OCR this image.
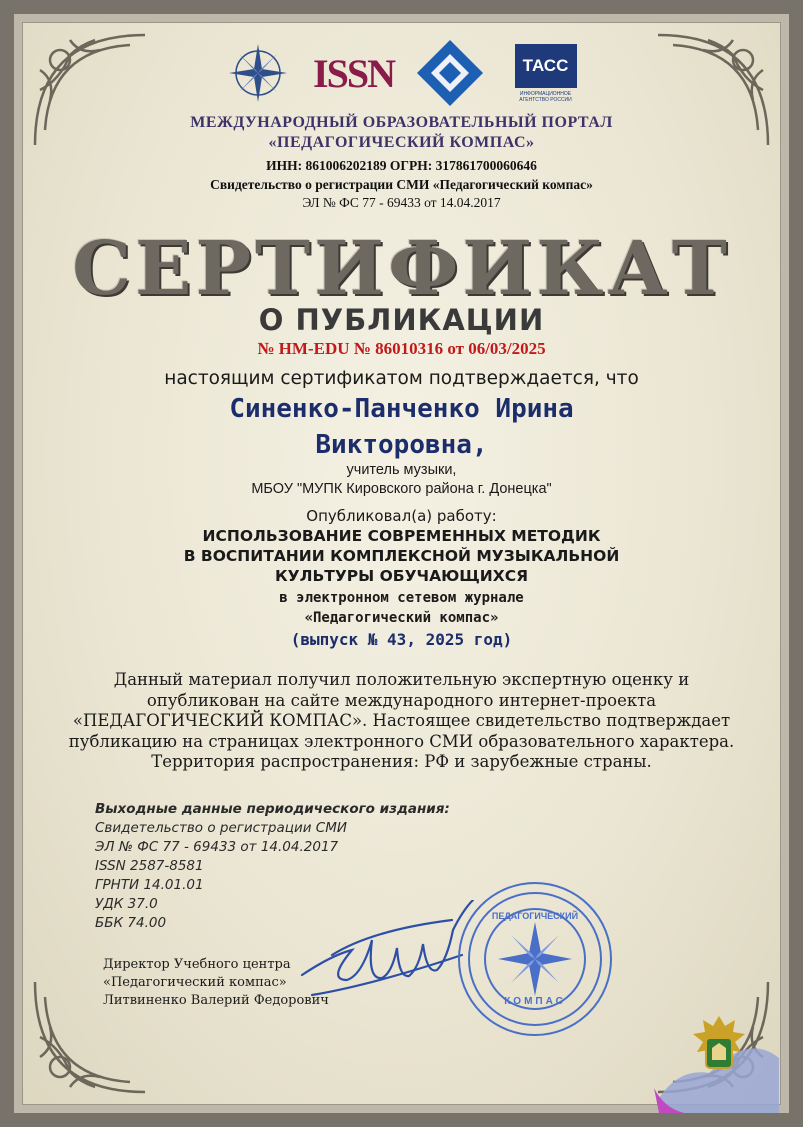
ISSN	ТАСС
ИНФОРМАЦИОННОЕ АГЕНТСТВО РОССИИ
МЕЖДУНАРОДНЫЙ ОБРАЗОВАТЕЛЬНЫЙ ПОРТАЛ
«ПЕДАГОГИЧЕСКИЙ КОМПАС»
ИНН: 861006202189 ОГРН: 317861700060646
Свидетельство о регистрации СМИ «Педагогический компас»
ЭЛ № ФС 77 - 69433 от 14.04.2017
СЕРТИФИКАТ
О ПУБЛИКАЦИИ
№ НМ-EDU № 86010316 от 06/03/2025
настоящим сертификатом подтверждается, что
Синенко-Панченко Ирина
Викторовна,
учитель музыки,
МБОУ "МУПК Кировского района г. Донецка"
Опубликовал(а) работу:
ИСПОЛЬЗОВАНИЕ СОВРЕМЕННЫХ МЕТОДИК
В ВОСПИТАНИИ КОМПЛЕКСНОЙ МУЗЫКАЛЬНОЙ
КУЛЬТУРЫ ОБУЧАЮЩИХСЯ
в электронном сетевом журнале
«Педагогический компас»
(выпуск № 43, 2025 год)
Данный материал получил положительную экспертную оценку и
опубликован на сайте международного интернет-проекта
«ПЕДАГОГИЧЕСКИЙ КОМПАС». Настоящее свидетельство подтверждает
публикацию на страницах электронного СМИ образовательного характера.
Территория распространения: РФ и зарубежные страны.
Выходные данные периодического издания:
Свидетельство о регистрации СМИ
ЭЛ № ФС 77 - 69433 от 14.04.2017
ISSN 2587-8581
ГРНТИ 14.01.01
УДК 37.0
ББК 74.00
Директор Учебного центра
«Педагогический компас»
Литвиненко Валерий Федорович
ПЕДАГОГИЧЕСКИЙ
КОМПАС
